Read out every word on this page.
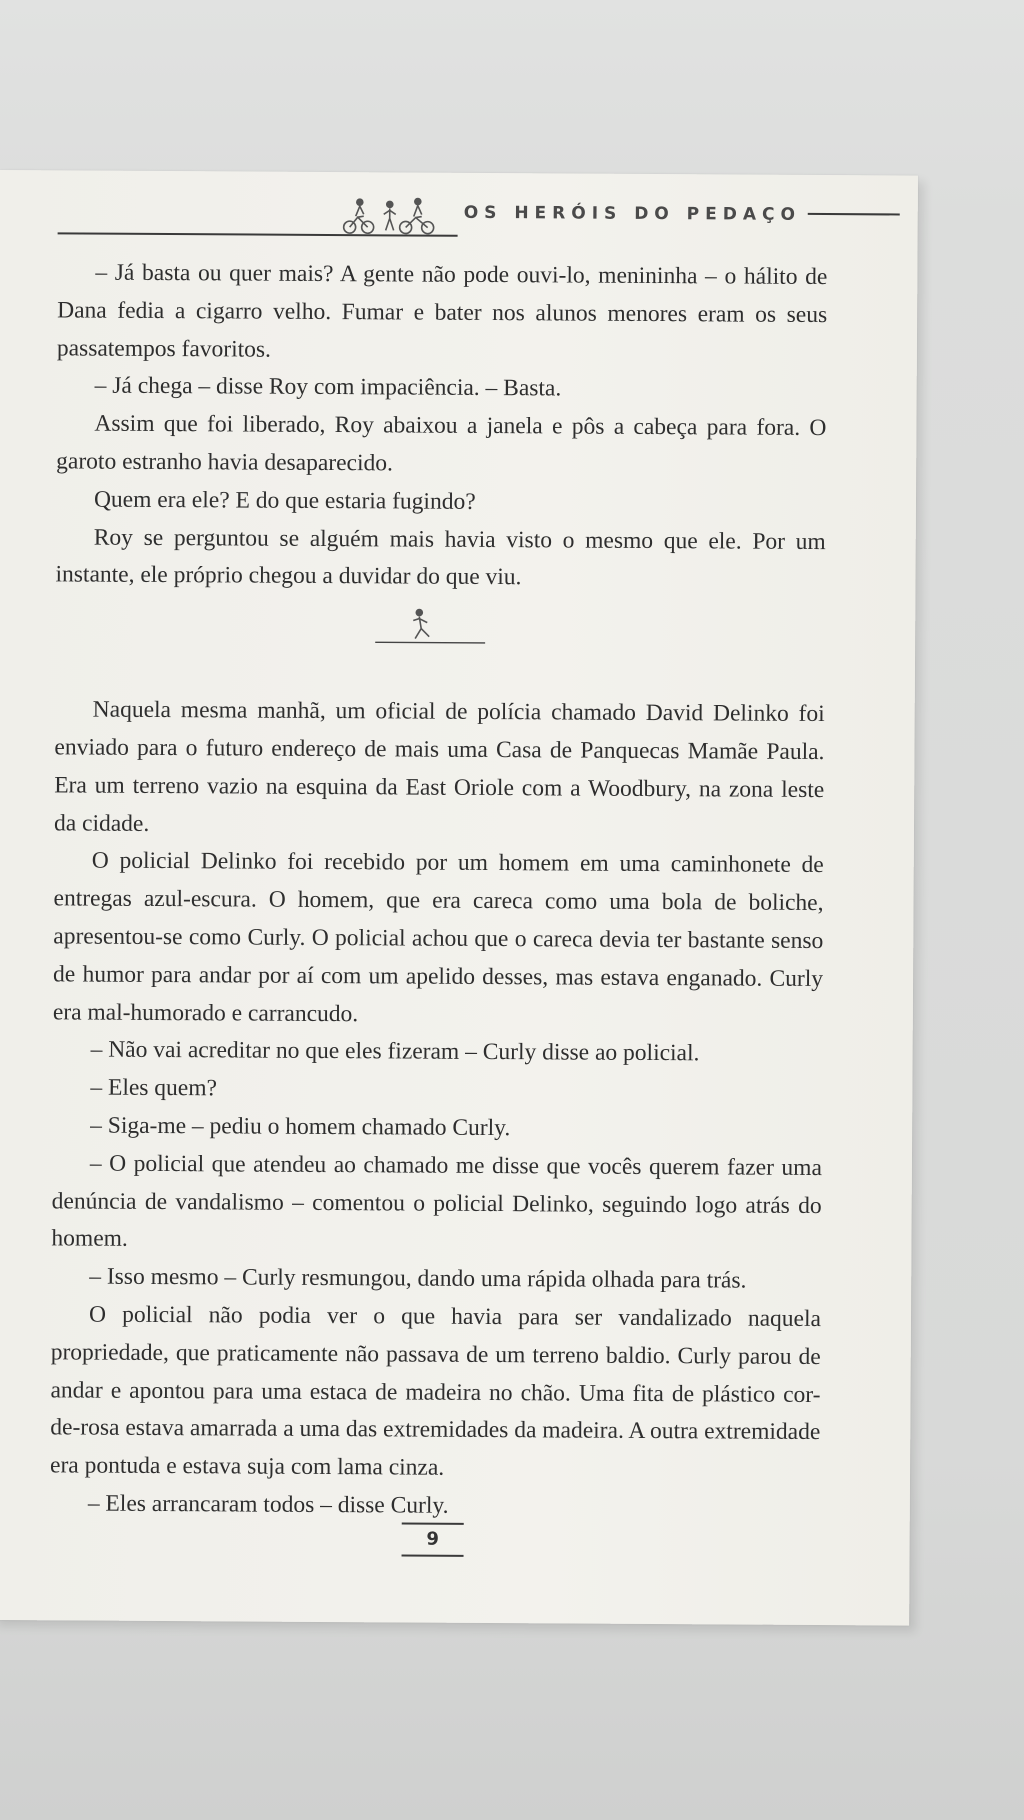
OS HERÓIS DO PEDAÇO

– Já basta ou quer mais? A gente não pode ouvi-lo, menininha – o hálito de Dana fedia a cigarro velho. Fumar e bater nos alunos menores eram os seus passatempos favoritos.

– Já chega – disse Roy com impaciência. – Basta.

Assim que foi liberado, Roy abaixou a janela e pôs a cabeça para fora. O garoto estranho havia desaparecido.

Quem era ele? E do que estaria fugindo?

Roy se perguntou se alguém mais havia visto o mesmo que ele. Por um instante, ele próprio chegou a duvidar do que viu.

Naquela mesma manhã, um oficial de polícia chamado David Delinko foi enviado para o futuro endereço de mais uma Casa de Panquecas Mamãe Paula. Era um terreno vazio na esquina da East Oriole com a Woodbury, na zona leste da cidade.

O policial Delinko foi recebido por um homem em uma caminhonete de entregas azul-escura. O homem, que era careca como uma bola de boliche, apresentou-se como Curly. O policial achou que o careca devia ter bastante senso de humor para andar por aí com um apelido desses, mas estava enganado. Curly era mal-humorado e carrancudo.

– Não vai acreditar no que eles fizeram – Curly disse ao policial.

– Eles quem?

– Siga-me – pediu o homem chamado Curly.

– O policial que atendeu ao chamado me disse que vocês querem fazer uma denúncia de vandalismo – comentou o policial Delinko, seguindo logo atrás do homem.

– Isso mesmo – Curly resmungou, dando uma rápida olhada para trás.

O policial não podia ver o que havia para ser vandalizado naquela propriedade, que praticamente não passava de um terreno baldio. Curly parou de andar e apontou para uma estaca de madeira no chão. Uma fita de plástico cor-de-rosa estava amarrada a uma das extremidades da madeira. A outra extremidade era pontuda e estava suja com lama cinza.

– Eles arrancaram todos – disse Curly.

9
